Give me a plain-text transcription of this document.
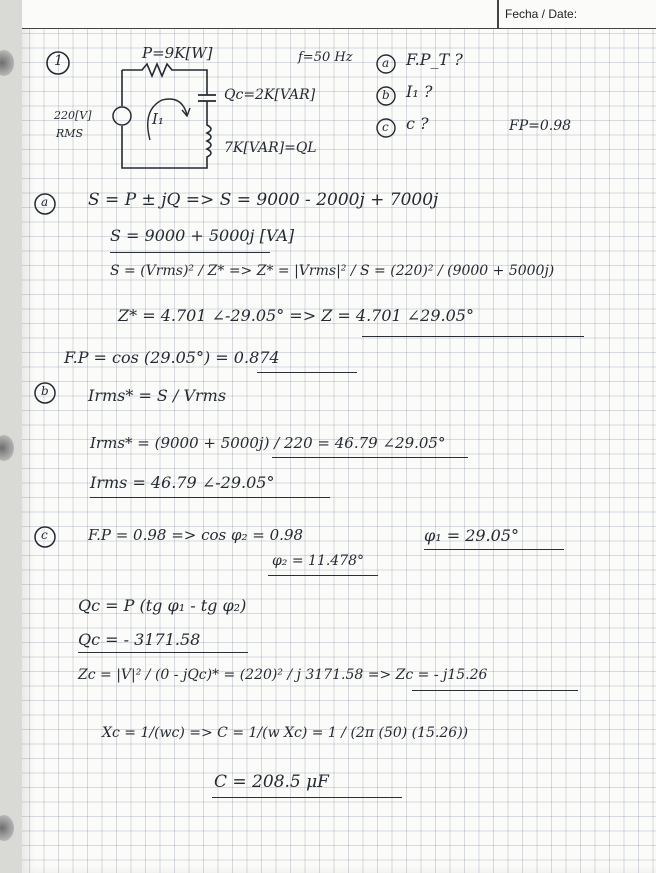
Fecha / Date:
1	P=9K[W]	f=50 Hz
220[V]
RMS
I₁
Qc=2K[VAR]
7K[VAR]=QL
a F.P_T ?
b I₁ ?
c c ?	FP=0.98
a S = P ± jQ => S = 9000 - 2000j + 7000j
S = 9000 + 5000j [VA]
S = (Vrms)² / Z* => Z* = |Vrms|² / S = (220)² / (9000 + 5000j)
Z* = 4.701 ∠-29.05° => Z = 4.701 ∠29.05°
F.P = cos (29.05°) = 0.874
b Irms* = S / Vrms
Irms* = (9000 + 5000j) / 220 = 46.79 ∠29.05°
Irms = 46.79 ∠-29.05°
c	F.P = 0.98 => cos φ₂ = 0.98	φ₁ = 29.05°
φ₂ = 11.478°
Qc = P (tg φ₁ - tg φ₂)
Qc = - 3171.58
Zc = |V|² / (0 - jQc)* = (220)² / j 3171.58 => Zc = - j15.26
Xc = 1/(wc) => C = 1/(w Xc) = 1 / (2π (50) (15.26))
C = 208.5 μF
